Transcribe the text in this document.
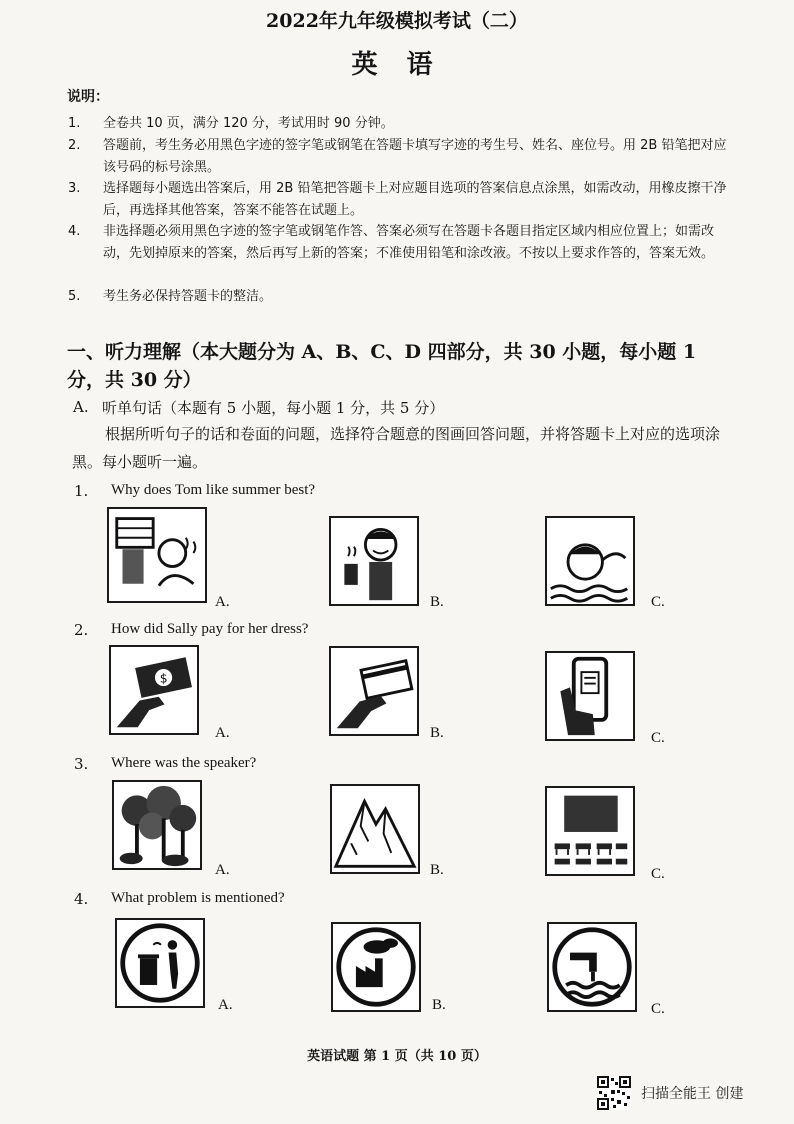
2022年九年级模拟考试（二）
英 语
说明：
1. 全卷共 10 页，满分 120 分，考试用时 90 分钟。
2. 答题前，考生务必用黑色字迹的签字笔或钢笔在答题卡填写字迹的考生号、姓名、座位号。用 2B 铅笔把对应该号码的标号涂黑。
3. 选择题每小题选出答案后，用 2B 铅笔把答题卡上对应题目选项的答案信息点涂黑，如需改动，用橡皮擦干净后，再选择其他答案，答案不能答在试题上。
4. 非选择题必须用黑色字迹的签字笔或钢笔作答、答案必须写在答题卡各题目指定区域内相应位置上；如需改动，先划掉原来的答案，然后再写上新的答案；不准使用铅笔和涂改液。不按以上要求作答的，答案无效。
5. 考生务必保持答题卡的整洁。
一、听力理解（本大题分为 A、B、C、D 四部分，共 30 小题，每小题 1 分，共 30 分）
A. 听单句话（本题有 5 小题，每小题 1 分，共 5 分）
根据所听句子的话和卷面的问题，选择符合题意的图画回答问题，并将答题卡上对应的选项涂黑。每小题听一遍。
1. Why does Tom like summer best?
A.	B.	C.
2. How did Sally pay for her dress?
$
A.	B.	C.
3. Where was the speaker?
A.	B.	C.
4. What problem is mentioned?
A.	B.	C.
英语试题 第 1 页（共 10 页）
扫描全能王 创建
